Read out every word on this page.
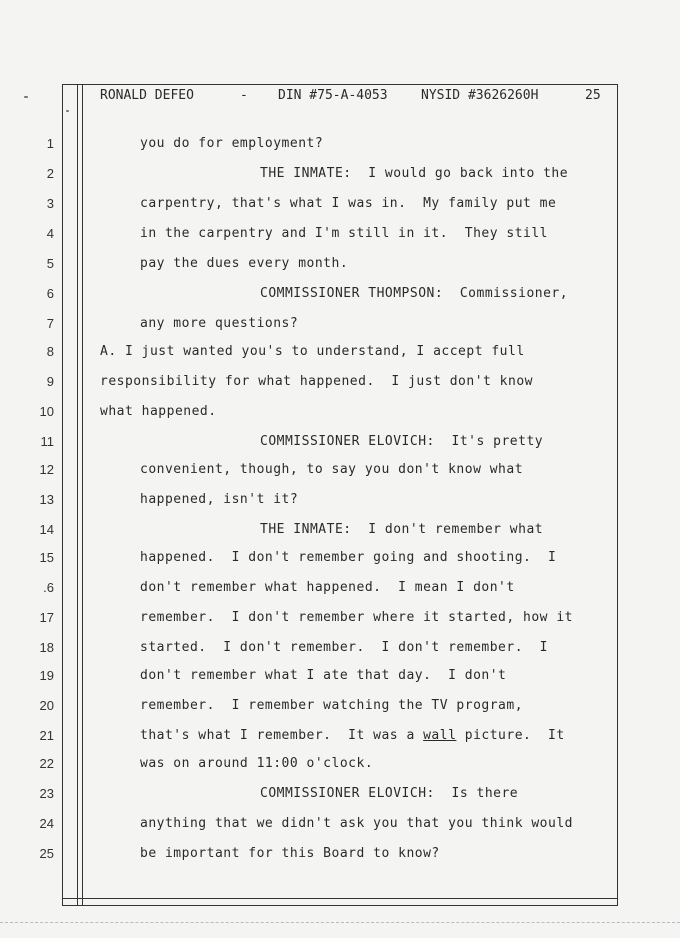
RONALD DEFEO	- DIN #75-A-4053	NYSID #3626260H	25
1
2
3
4
5
6
7
8
9
10
11
12
13
14
15
.6
17
18
19
20
21
22
23
24
25
you do for employment?
THE INMATE:  I would go back into the
carpentry, that's what I was in.  My family put me
in the carpentry and I'm still in it.  They still
pay the dues every month.
COMMISSIONER THOMPSON:  Commissioner,
any more questions?
A. I just wanted you's to understand, I accept full
responsibility for what happened.  I just don't know
what happened.
COMMISSIONER ELOVICH:  It's pretty
convenient, though, to say you don't know what
happened, isn't it?
THE INMATE:  I don't remember what
happened.  I don't remember going and shooting.  I
don't remember what happened.  I mean I don't
remember.  I don't remember where it started, how it
started.  I don't remember.  I don't remember.  I
don't remember what I ate that day.  I don't
remember.  I remember watching the TV program,
that's what I remember.  It was a wall picture.  It
was on around 11:00 o'clock.
COMMISSIONER ELOVICH:  Is there
anything that we didn't ask you that you think would
be important for this Board to know?
